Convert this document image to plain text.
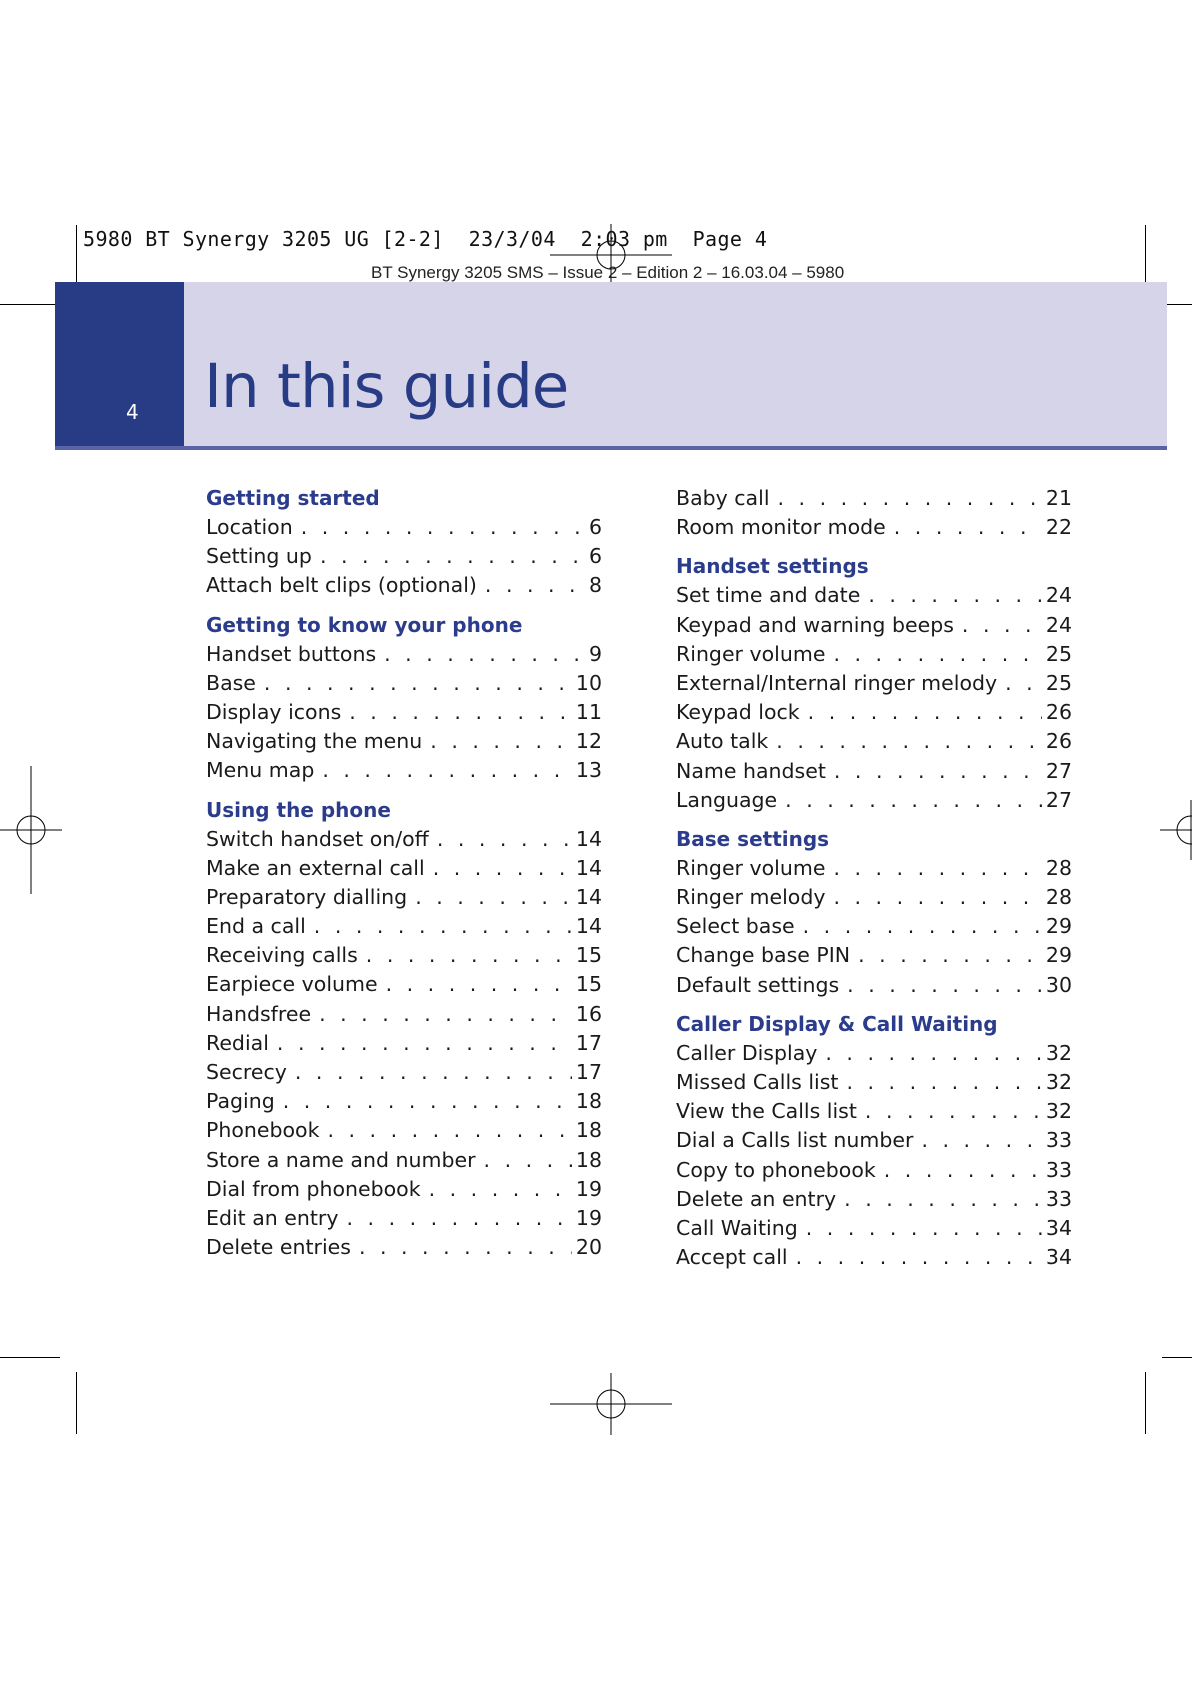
5980 BT Synergy 3205 UG [2-2]  23/3/04  2:03 pm  Page 4
BT Synergy 3205 SMS – Issue 2 – Edition 2 – 16.03.04 – 5980
4 In this guide
Getting started
Location . . .	6
Setting up . . .	6
Attach belt clips (optional) . . .	8
Getting to know your phone
Handset buttons . . .	9
Base . . .	10
Display icons . . .	11
Navigating the menu . . .	12
Menu map . . .	13
Using the phone
Switch handset on/off . . .	14
Make an external call . . .	14
Preparatory dialling . . .	14
End a call . . .	14
Receiving calls . . .	15
Earpiece volume . . .	15
Handsfree . . .	16
Redial . . .	17
Secrecy . . .	17
Paging . . .	18
Phonebook . . .	18
Store a name and number . . .	18
Dial from phonebook . . .	19
Edit an entry . . .	19
Delete entries . . .	20
Baby call . . .	21
Room monitor mode . . .	22
Handset settings
Set time and date . . .	24
Keypad and warning beeps . . .	24
Ringer volume . . .	25
External/Internal ringer melody . . . 25
Keypad lock . . .	26
Auto talk . . .	26
Name handset . . .	27
Language . . .	27
Base settings
Ringer volume . . .	28
Ringer melody . . .	28
Select base . . .	29
Change base PIN . . .	29
Default settings . . .	30
Caller Display & Call Waiting
Caller Display . . .	32
Missed Calls list . . .	32
View the Calls list . . .	32
Dial a Calls list number . . .	33
Copy to phonebook . . .	33
Delete an entry . . .	33
Call Waiting . . .	34
Accept call . . .	34
